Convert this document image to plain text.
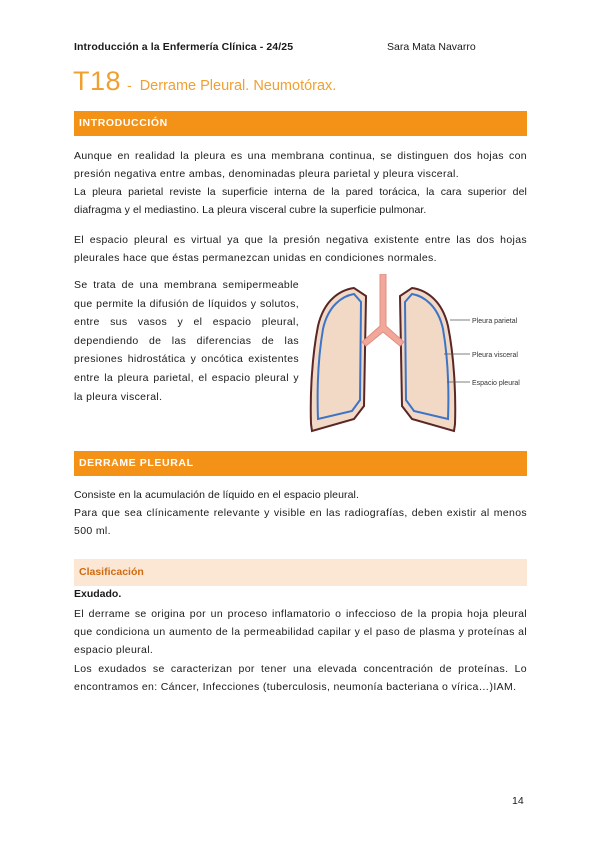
Introducción a la Enfermería Clínica - 24/25	Sara Mata Navarro
T18 - Derrame Pleural. Neumotórax.
INTRODUCCIÓN

Aunque en realidad la pleura es una membrana continua, se distinguen dos hojas con presión negativa entre ambas, denominadas pleura parietal y pleura visceral.

La pleura parietal reviste la superficie interna de la pared torácica, la cara superior del diafragma y el mediastino. La pleura visceral cubre la superficie pulmonar.

El espacio pleural es virtual ya que la presión negativa existente entre las dos hojas pleurales hace que éstas permanezcan unidas en condiciones normales.

Se trata de una membrana semipermeable que permite la difusión de líquidos y solutos, entre sus vasos y el espacio pleural, dependiendo de las diferencias de las presiones hidrostática y oncótica existentes entre la pleura parietal, el espacio pleural y la pleura visceral.

Pleura parietal
Pleura visceral
Espacio pleural
DERRAME PLEURAL

Consiste en la acumulación de líquido en el espacio pleural.

Para que sea clínicamente relevante y visible en las radiografías, deben existir al menos 500 ml.

Clasificación
Exudado.

El derrame se origina por un proceso inflamatorio o infeccioso de la propia hoja pleural que condiciona un aumento de la permeabilidad capilar y el paso de plasma y proteínas al espacio pleural.

Los exudados se caracterizan por tener una elevada concentración de proteínas. Lo encontramos en: Cáncer, Infecciones (tuberculosis, neumonía bacteriana o vírica…)IAM.

14
